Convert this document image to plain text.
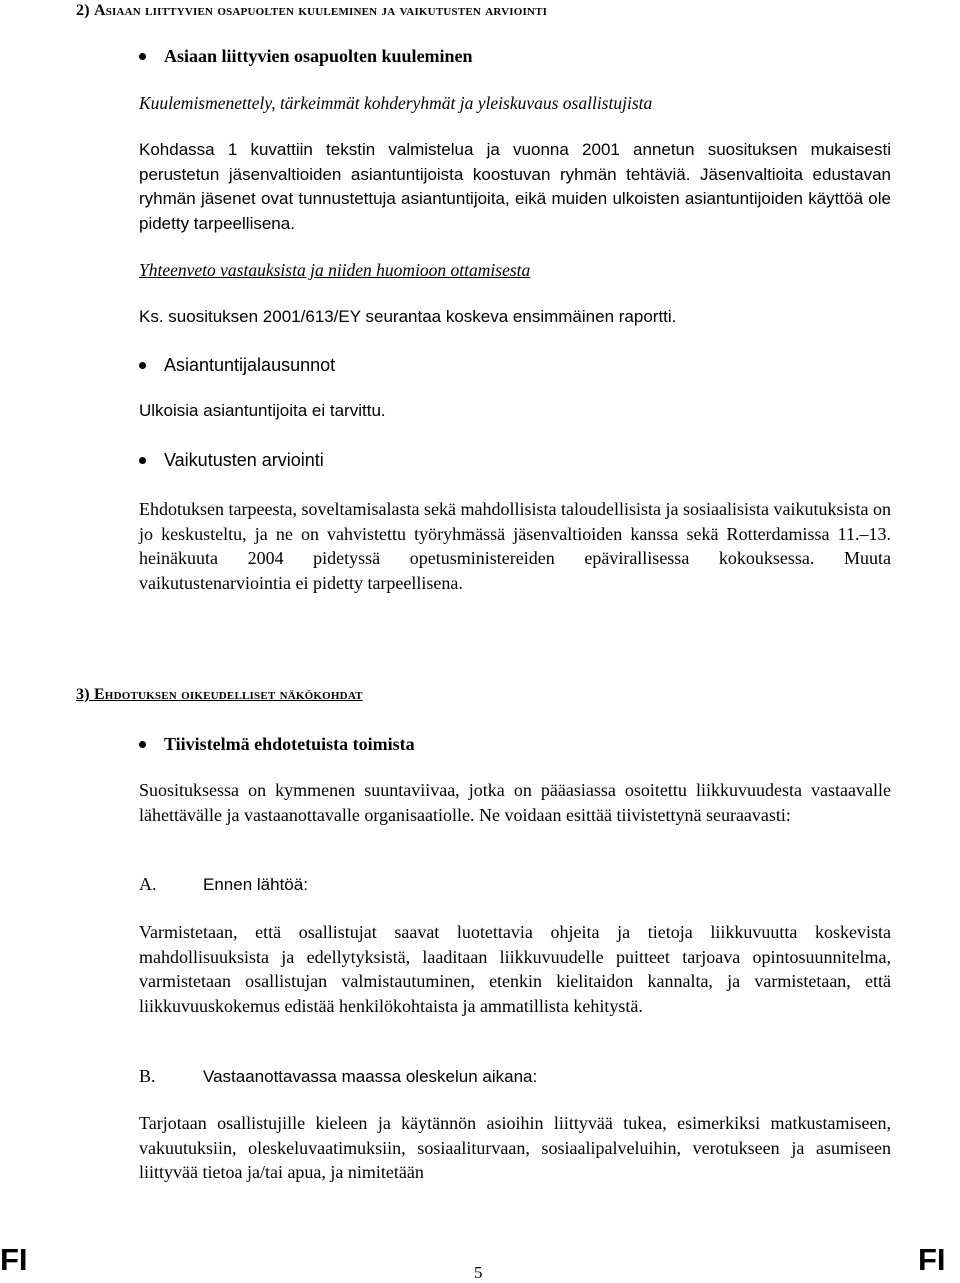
2) Asiaan liittyvien osapuolten kuuleminen ja vaikutusten arviointi
Asiaan liittyvien osapuolten kuuleminen
Kuulemismenettely, tärkeimmät kohderyhmät ja yleiskuvaus osallistujista
Kohdassa 1 kuvattiin tekstin valmistelua ja vuonna 2001 annetun suosituksen mukaisesti perustetun jäsenvaltioiden asiantuntijoista koostuvan ryhmän tehtäviä. Jäsenvaltioita edustavan ryhmän jäsenet ovat tunnustettuja asiantuntijoita, eikä muiden ulkoisten asiantuntijoiden käyttöä ole pidetty tarpeellisena.
Yhteenveto vastauksista ja niiden huomioon ottamisesta
Ks. suosituksen 2001/613/EY seurantaa koskeva ensimmäinen raportti.
Asiantuntijalausunnot
Ulkoisia asiantuntijoita ei tarvittu.
Vaikutusten arviointi
Ehdotuksen tarpeesta, soveltamisalasta sekä mahdollisista taloudellisista ja sosiaalisista vaikutuksista on jo keskusteltu, ja ne on vahvistettu työryhmässä jäsenvaltioiden kanssa sekä Rotterdamissa 11.–13. heinäkuuta 2004 pidetyssä opetusministereiden epävirallisessa kokouksessa. Muuta vaikutustenarviointia ei pidetty tarpeellisena.
3) Ehdotuksen oikeudelliset näkökohdat
Tiivistelmä ehdotetuista toimista
Suosituksessa on kymmenen suuntaviivaa, jotka on pääasiassa osoitettu liikkuvuudesta vastaavalle lähettävälle ja vastaanottavalle organisaatiolle. Ne voidaan esittää tiivistettynä seuraavasti:
A.	Ennen lähtöä:
Varmistetaan, että osallistujat saavat luotettavia ohjeita ja tietoja liikkuvuutta koskevista mahdollisuuksista ja edellytyksistä, laaditaan liikkuvuudelle puitteet tarjoava opintosuunnitelma, varmistetaan osallistujan valmistautuminen, etenkin kielitaidon kannalta, ja varmistetaan, että liikkuvuuskokemus edistää henkilökohtaista ja ammatillista kehitystä.
B.	Vastaanottavassa maassa oleskelun aikana:
Tarjotaan osallistujille kieleen ja käytännön asioihin liittyvää tukea, esimerkiksi matkustamiseen, vakuutuksiin, oleskeluvaatimuksiin, sosiaaliturvaan, sosiaalipalveluihin, verotukseen ja asumiseen liittyvää tietoa ja/tai apua, ja nimitetään
FI	5	FI
